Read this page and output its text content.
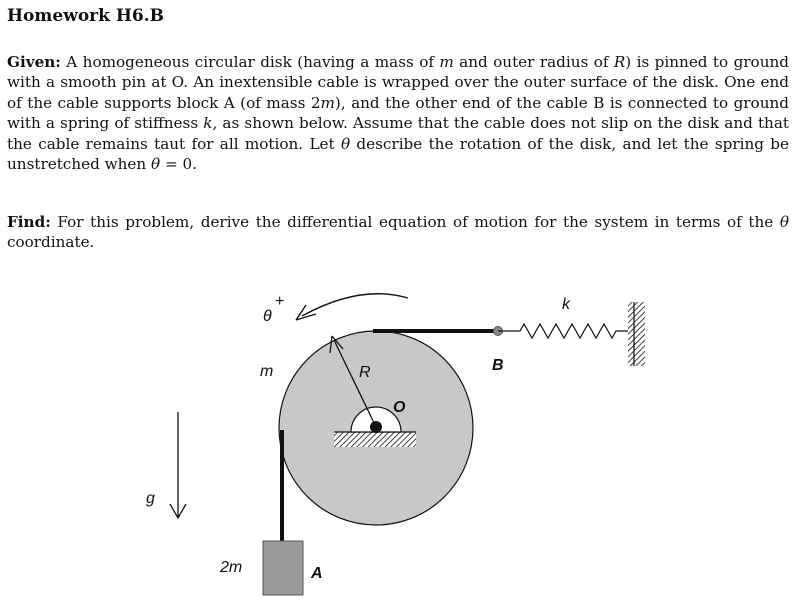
Homework H6.B

Given: A homogeneous circular disk (having a mass of m and outer radius of R) is pinned to ground with a smooth pin at O. An inextensible cable is wrapped over the outer surface of the disk. One end of the cable supports block A (of mass 2m), and the other end of the cable B is connected to ground with a spring of stiffness k, as shown below. Assume that the cable does not slip on the disk and that the cable remains taut for all motion. Let θ describe the rotation of the disk, and let the spring be unstretched when θ = 0.

Find: For this problem, derive the differential equation of motion for the system in terms of the θ coordinate.

θ
+	k
m	R
O
B
g
2m	A
